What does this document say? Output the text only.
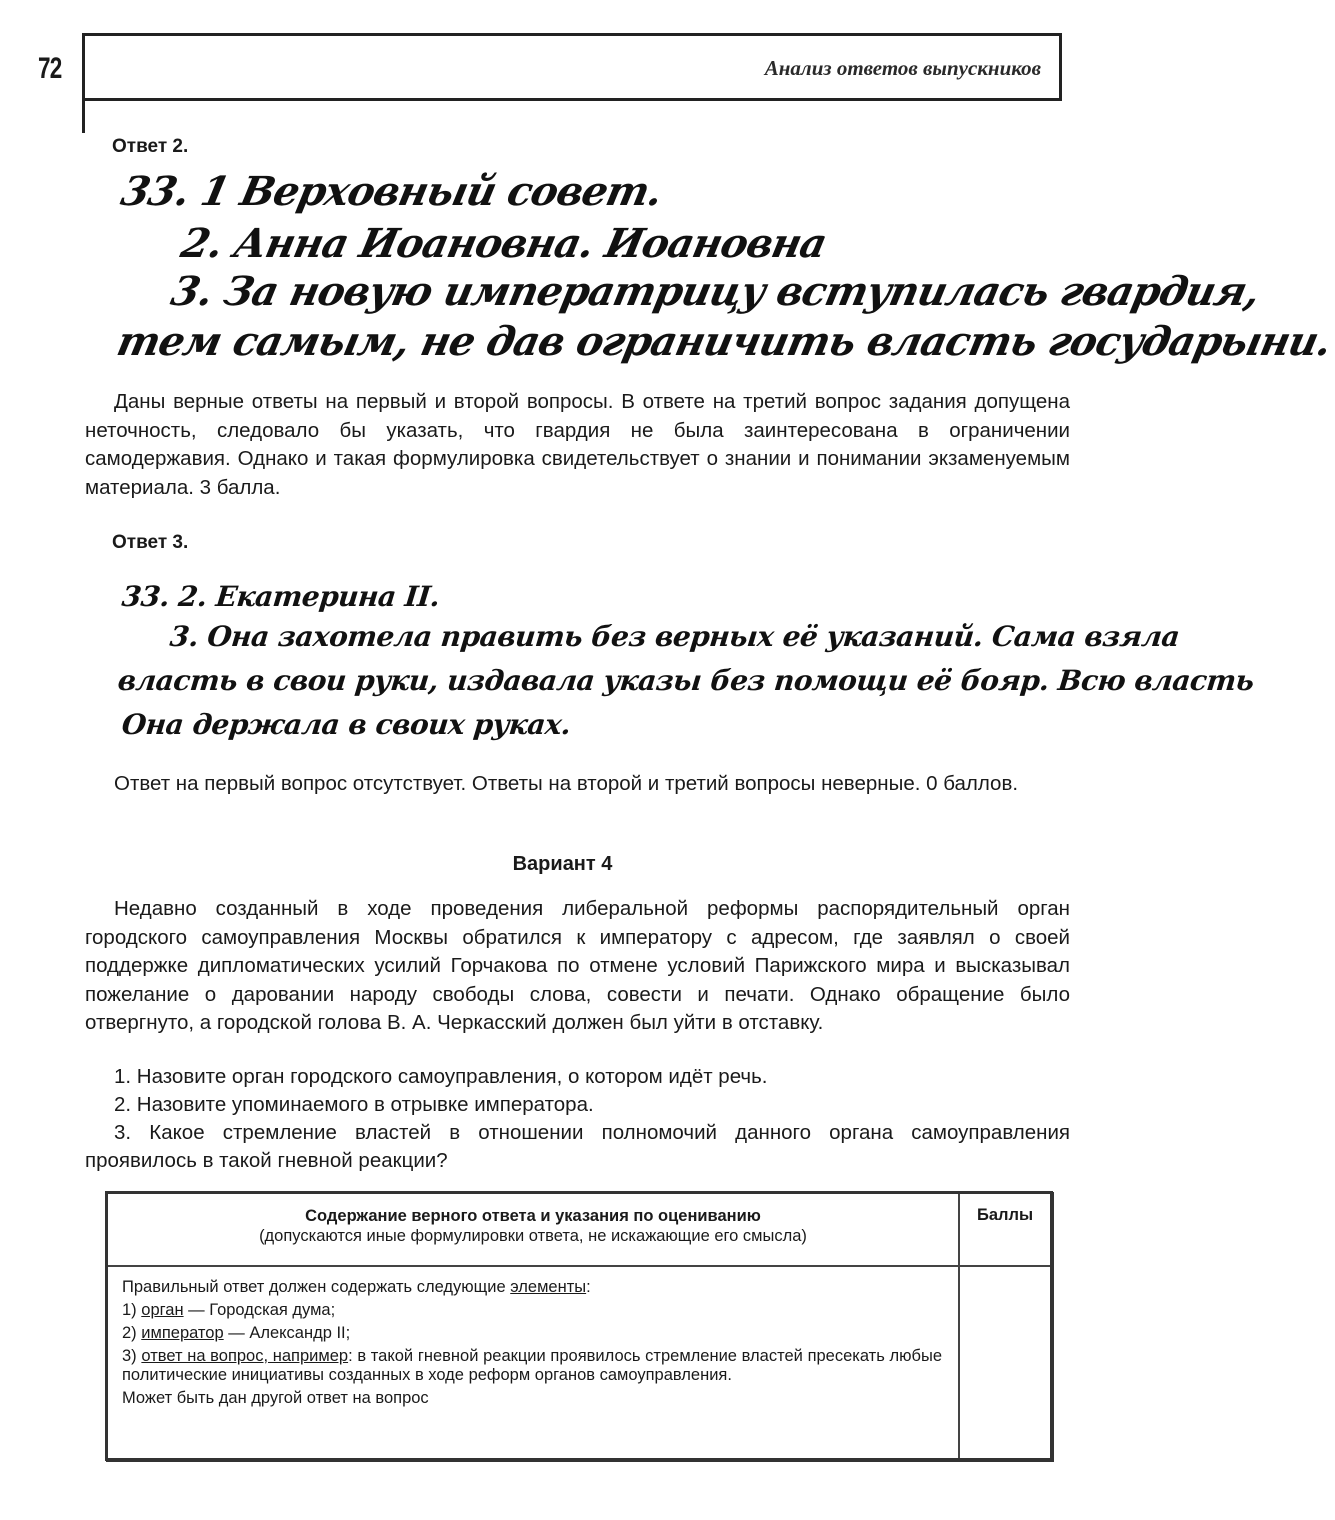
72	Анализ ответов выпускников
Ответ 2.
33. 1 Верховный совет.
2. Анна Иоановна. Иоановна
3. За новую императрицу вступилась гвардия,
тем самым, не дав ограничить власть государыни.

Даны верные ответы на первый и второй вопросы. В ответе на третий вопрос задания допущена неточность, следовало бы указать, что гвардия не была заинтересована в ограничении самодержавия. Однако и такая формулировка свидетельствует о знании и понимании экзаменуемым материала. 3 балла.

Ответ 3.
33. 2. Екатерина II.
3. Она захотела править без верных её указаний. Сама взяла
власть в свои руки, издавала указы без помощи её бояр. Всю власть
Она держала в своих руках.

Ответ на первый вопрос отсутствует. Ответы на второй и третий вопросы неверные. 0 баллов.

Вариант 4

Недавно созданный в ходе проведения либеральной реформы распорядительный орган городского самоуправления Москвы обратился к императору с адресом, где заявлял о своей поддержке дипломатических усилий Горчакова по отмене условий Парижского мира и высказывал пожелание о даровании народу свободы слова, совести и печати. Однако обращение было отвергнуто, а городской голова В. А. Черкасский должен был уйти в отставку.

1. Назовите орган городского самоуправления, о котором идёт речь.

2. Назовите упоминаемого в отрывке императора.

3. Какое стремление властей в отношении полномочий данного органа самоуправления проявилось в такой гневной реакции?

Содержание верного ответа и указания по оцениванию
(допускаются иные формулировки ответа, не искажающие его смысла)
Баллы

Правильный ответ должен содержать следующие элементы:

1) орган — Городская дума;

2) император — Александр II;

3) ответ на вопрос, например: в такой гневной реакции проявилось стремление властей пресекать любые политические инициативы созданных в ходе реформ органов самоуправления.

Может быть дан другой ответ на вопрос
